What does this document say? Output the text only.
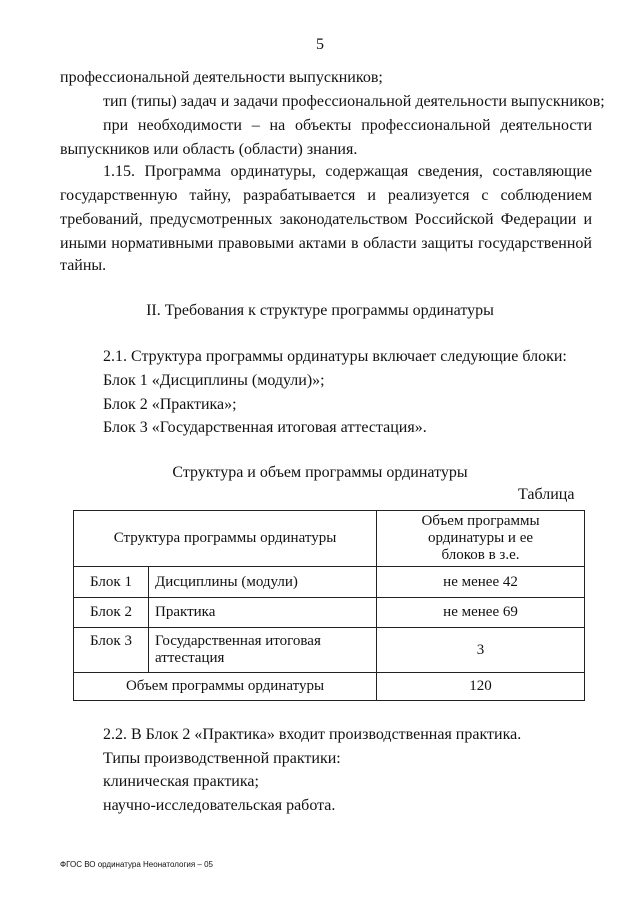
5
профессиональной деятельности выпускников;
тип (типы) задач и задачи профессиональной деятельности выпускников;
при необходимости – на объекты профессиональной деятельности
выпускников или область (области) знания.
1.15. Программа ординатуры, содержащая сведения, составляющие
государственную тайну, разрабатывается и реализуется с соблюдением
требований, предусмотренных законодательством Российской Федерации и
иными нормативными правовыми актами в области защиты государственной
тайны.
II. Требования к структуре программы ординатуры
2.1. Структура программы ординатуры включает следующие блоки:
Блок 1 «Дисциплины (модули)»;
Блок 2 «Практика»;
Блок 3 «Государственная итоговая аттестация».
Структура и объем программы ординатуры
Таблица
Структура программы ординатуры		Объем программы ординатуры и ее блоков в з.е.
Блок 1	Дисциплины (модули)	не менее 42
Блок 2	Практика	не менее 69
Блок 3	Государственная итоговая аттестация	3
Объем программы ординатуры		120
2.2. В Блок 2 «Практика» входит производственная практика.
Типы производственной практики:
клиническая практика;
научно-исследовательская работа.
ФГОС ВО ординатура Неонатология – 05
